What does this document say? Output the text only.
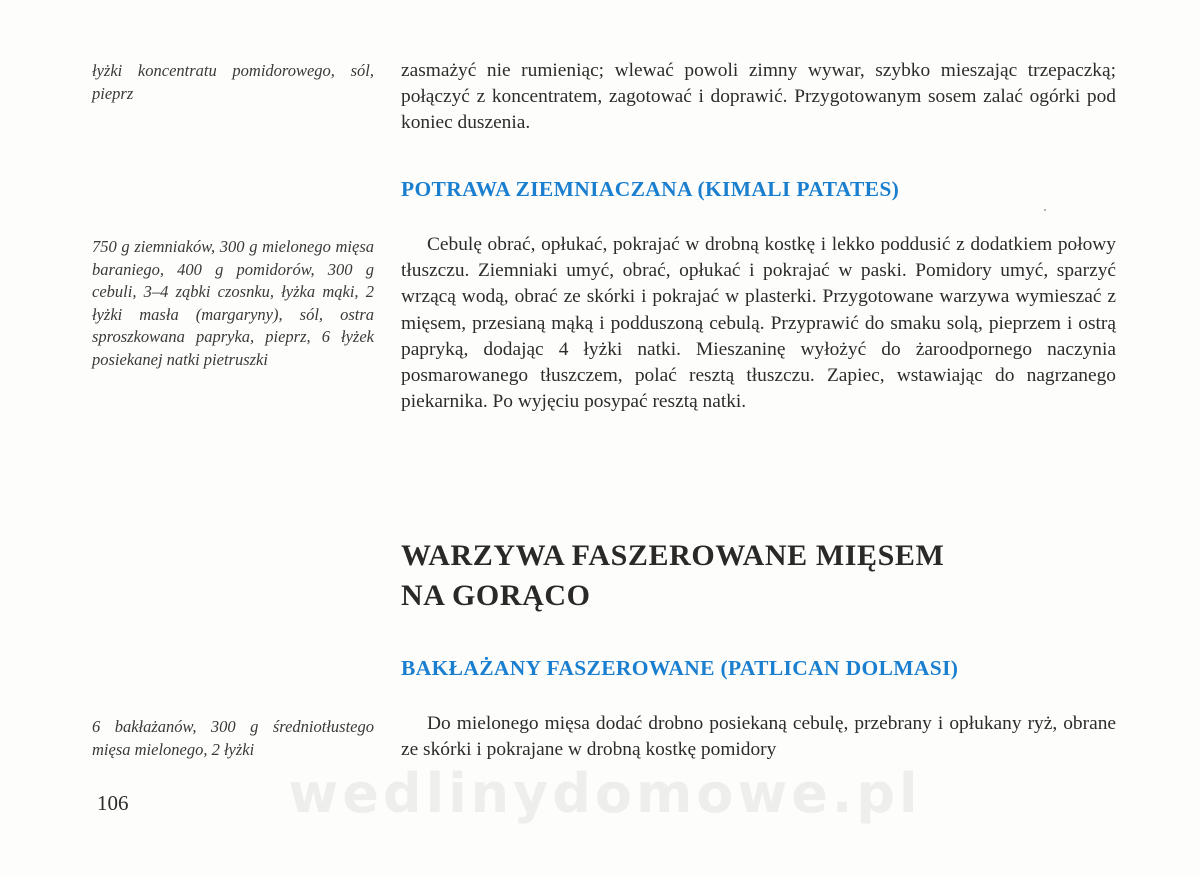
łyżki koncentratu pomidorowego, sól, pieprz

zasmażyć nie rumieniąc; wlewać powoli zimny wywar, szybko mieszając trzepaczką; połączyć z koncentratem, zagotować i doprawić. Przygotowanym sosem zalać ogórki pod koniec duszenia.

POTRAWA ZIEMNIACZANA (KIMALI PATATES)

750 g ziemniaków, 300 g mielonego mięsa baraniego, 400 g pomidorów, 300 g cebuli, 3–4 ząbki czosnku, łyżka mąki, 2 łyżki masła (margaryny), sól, ostra sproszkowana papryka, pieprz, 6 łyżek posiekanej natki pietruszki

Cebulę obrać, opłukać, pokrajać w drobną kostkę i lekko poddusić z dodatkiem połowy tłuszczu. Ziemniaki umyć, obrać, opłukać i pokrajać w paski. Pomidory umyć, sparzyć wrzącą wodą, obrać ze skórki i pokrajać w plasterki. Przygotowane warzywa wymieszać z mięsem, przesianą mąką i podduszoną cebulą. Przyprawić do smaku solą, pieprzem i ostrą papryką, dodając 4 łyżki natki. Mieszaninę wyłożyć do żaroodpornego naczynia posmarowanego tłuszczem, polać resztą tłuszczu. Zapiec, wstawiając do nagrzanego piekarnika. Po wyjęciu posypać resztą natki.

WARZYWA FASZEROWANE MIĘSEM
NA GORĄCO
BAKŁAŻANY FASZEROWANE (PATLICAN DOLMASI)

6 bakłażanów, 300 g średniotłustego mięsa mielonego, 2 łyżki

Do mielonego mięsa dodać drobno posiekaną cebulę, przebrany i opłukany ryż, obrane ze skórki i pokrajane w drobną kostkę pomidory

wedlinydomowe.pl

106
